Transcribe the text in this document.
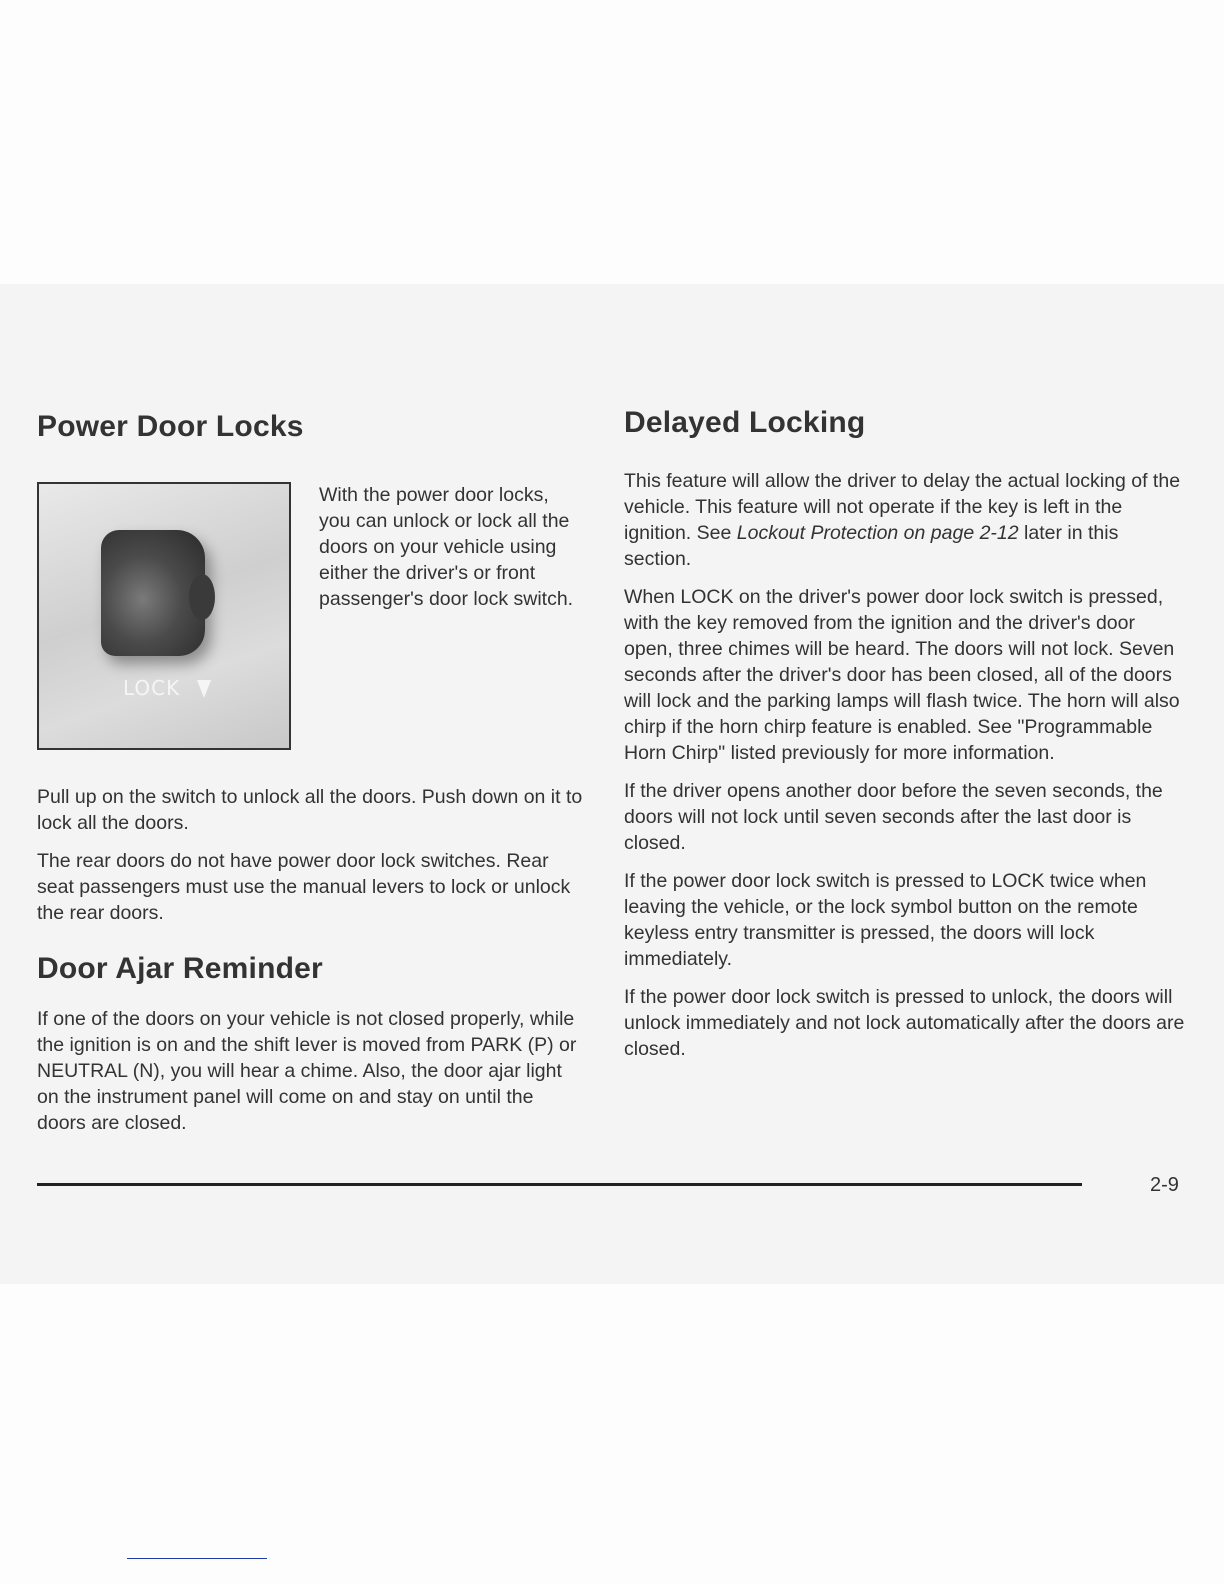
Power Door Locks
LOCK

With the power door locks, you can unlock or lock all the doors on your vehicle using either the driver's or front passenger's door lock switch.

Pull up on the switch to unlock all the doors. Push down on it to lock all the doors.

The rear doors do not have power door lock switches. Rear seat passengers must use the manual levers to lock or unlock the rear doors.

Door Ajar Reminder

If one of the doors on your vehicle is not closed properly, while the ignition is on and the shift lever is moved from PARK (P) or NEUTRAL (N), you will hear a chime. Also, the door ajar light on the instrument panel will come on and stay on until the doors are closed.

Delayed Locking

This feature will allow the driver to delay the actual locking of the vehicle. This feature will not operate if the key is left in the ignition. See Lockout Protection on page 2-12 later in this section.

When LOCK on the driver's power door lock switch is pressed, with the key removed from the ignition and the driver's door open, three chimes will be heard. The doors will not lock. Seven seconds after the driver's door has been closed, all of the doors will lock and the parking lamps will flash twice. The horn will also chirp if the horn chirp feature is enabled. See "Programmable Horn Chirp" listed previously for more information.

If the driver opens another door before the seven seconds, the doors will not lock until seven seconds after the last door is closed.

If the power door lock switch is pressed to LOCK twice when leaving the vehicle, or the lock symbol button on the remote keyless entry transmitter is pressed, the doors will lock immediately.

If the power door lock switch is pressed to unlock, the doors will unlock immediately and not lock automatically after the doors are closed.

2-9
